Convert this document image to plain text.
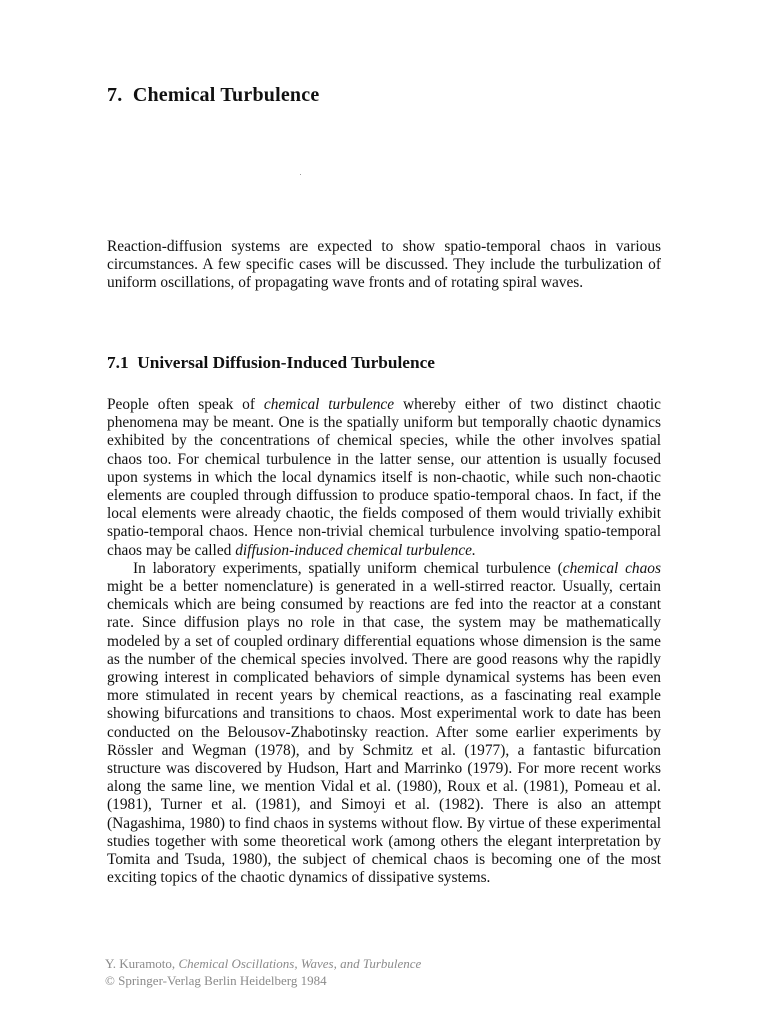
7. Chemical Turbulence

Reaction-diffusion systems are expected to show spatio-temporal chaos in various circumstances. A few specific cases will be discussed. They include the turbulization of uniform oscillations, of propagating wave fronts and of rotating spiral waves.

7.1 Universal Diffusion-Induced Turbulence

People often speak of chemical turbulence whereby either of two distinct chaotic phenomena may be meant. One is the spatially uniform but temporally chaotic dynamics exhibited by the concentrations of chemical species, while the other involves spatial chaos too. For chemical turbulence in the latter sense, our attention is usually focused upon systems in which the local dynamics itself is non-chaotic, while such non-chaotic elements are coupled through diffussion to produce spatio-temporal chaos. In fact, if the local elements were already chaotic, the fields composed of them would trivially exhibit spatio-temporal chaos. Hence non-trivial chemical turbulence involving spatio-temporal chaos may be called diffusion-induced chemical turbulence.

In laboratory experiments, spatially uniform chemical turbulence (chemical chaos might be a better nomenclature) is generated in a well-stirred reactor. Usually, certain chemicals which are being consumed by reactions are fed into the reactor at a constant rate. Since diffusion plays no role in that case, the system may be mathematically modeled by a set of coupled ordinary differential equations whose dimension is the same as the number of the chemical species involved. There are good reasons why the rapidly growing interest in complicated behaviors of simple dynamical systems has been even more stimulated in recent years by chemical reactions, as a fascinating real example showing bifurcations and transitions to chaos. Most experimental work to date has been conducted on the Belousov-Zhabotinsky reaction. After some earlier experiments by Rössler and Wegman (1978), and by Schmitz et al. (1977), a fantastic bifurcation structure was discovered by Hudson, Hart and Marrinko (1979). For more recent works along the same line, we mention Vidal et al. (1980), Roux et al. (1981), Pomeau et al. (1981), Turner et al. (1981), and Simoyi et al. (1982). There is also an attempt (Nagashima, 1980) to find chaos in systems without flow. By virtue of these experimental studies together with some theoretical work (among others the elegant interpretation by Tomita and Tsuda, 1980), the subject of chemical chaos is becoming one of the most exciting topics of the chaotic dynamics of dissipative systems.

Y. Kuramoto, Chemical Oscillations, Waves, and Turbulence
© Springer-Verlag Berlin Heidelberg 1984
